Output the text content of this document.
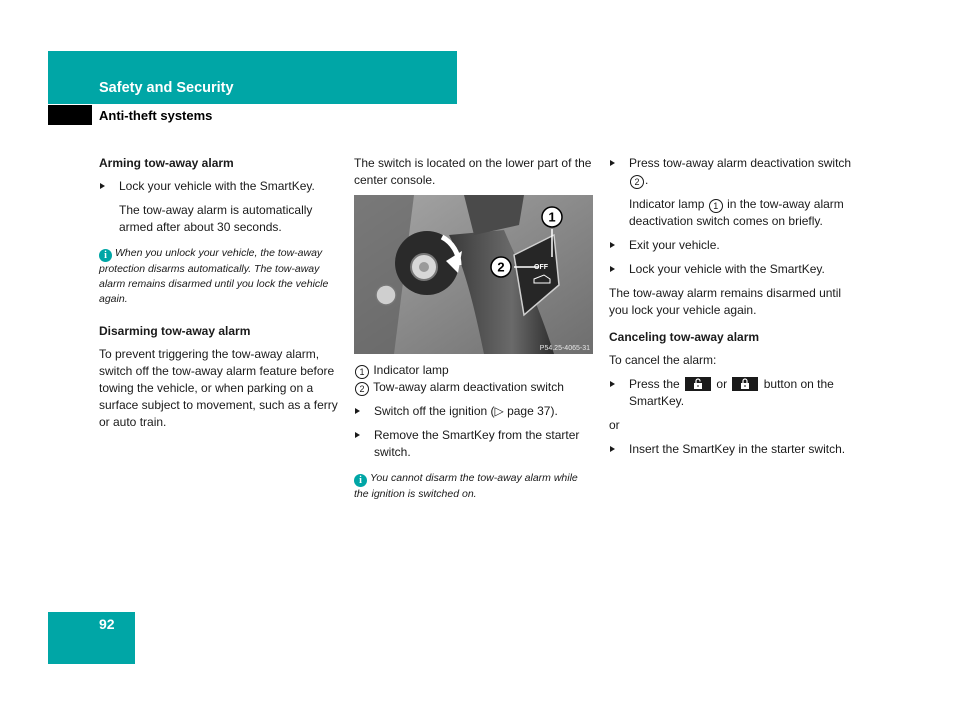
Safety and Security
Anti-theft systems
Arming tow-away alarm
Lock your vehicle with the SmartKey.
The tow-away alarm is automatically armed after about 30 seconds.
i When you unlock your vehicle, the tow-away protection disarms automatically. The tow-away alarm remains disarmed until you lock the vehicle again.
Disarming tow-away alarm
To prevent triggering the tow-away alarm, switch off the tow-away alarm feature before towing the vehicle, or when parking on a surface subject to movement, such as a ferry or auto train.
The switch is located on the lower part of the center console.
1
2	OFF
P54.25-4065-31
1 Indicator lamp
2 Tow-away alarm deactivation switch
Switch off the ignition (▷ page 37).
Remove the SmartKey from the starter switch.
i You cannot disarm the tow-away alarm while the ignition is switched on.
Press tow-away alarm deactivation switch 2 .
Indicator lamp 1 in the tow-away alarm deactivation switch comes on briefly.
Exit your vehicle.
Lock your vehicle with the SmartKey.
The tow-away alarm remains disarmed until you lock your vehicle again.
Canceling tow-away alarm
To cancel the alarm:
Press the	or	button on the SmartKey.
or
Insert the SmartKey in the starter switch.
92
